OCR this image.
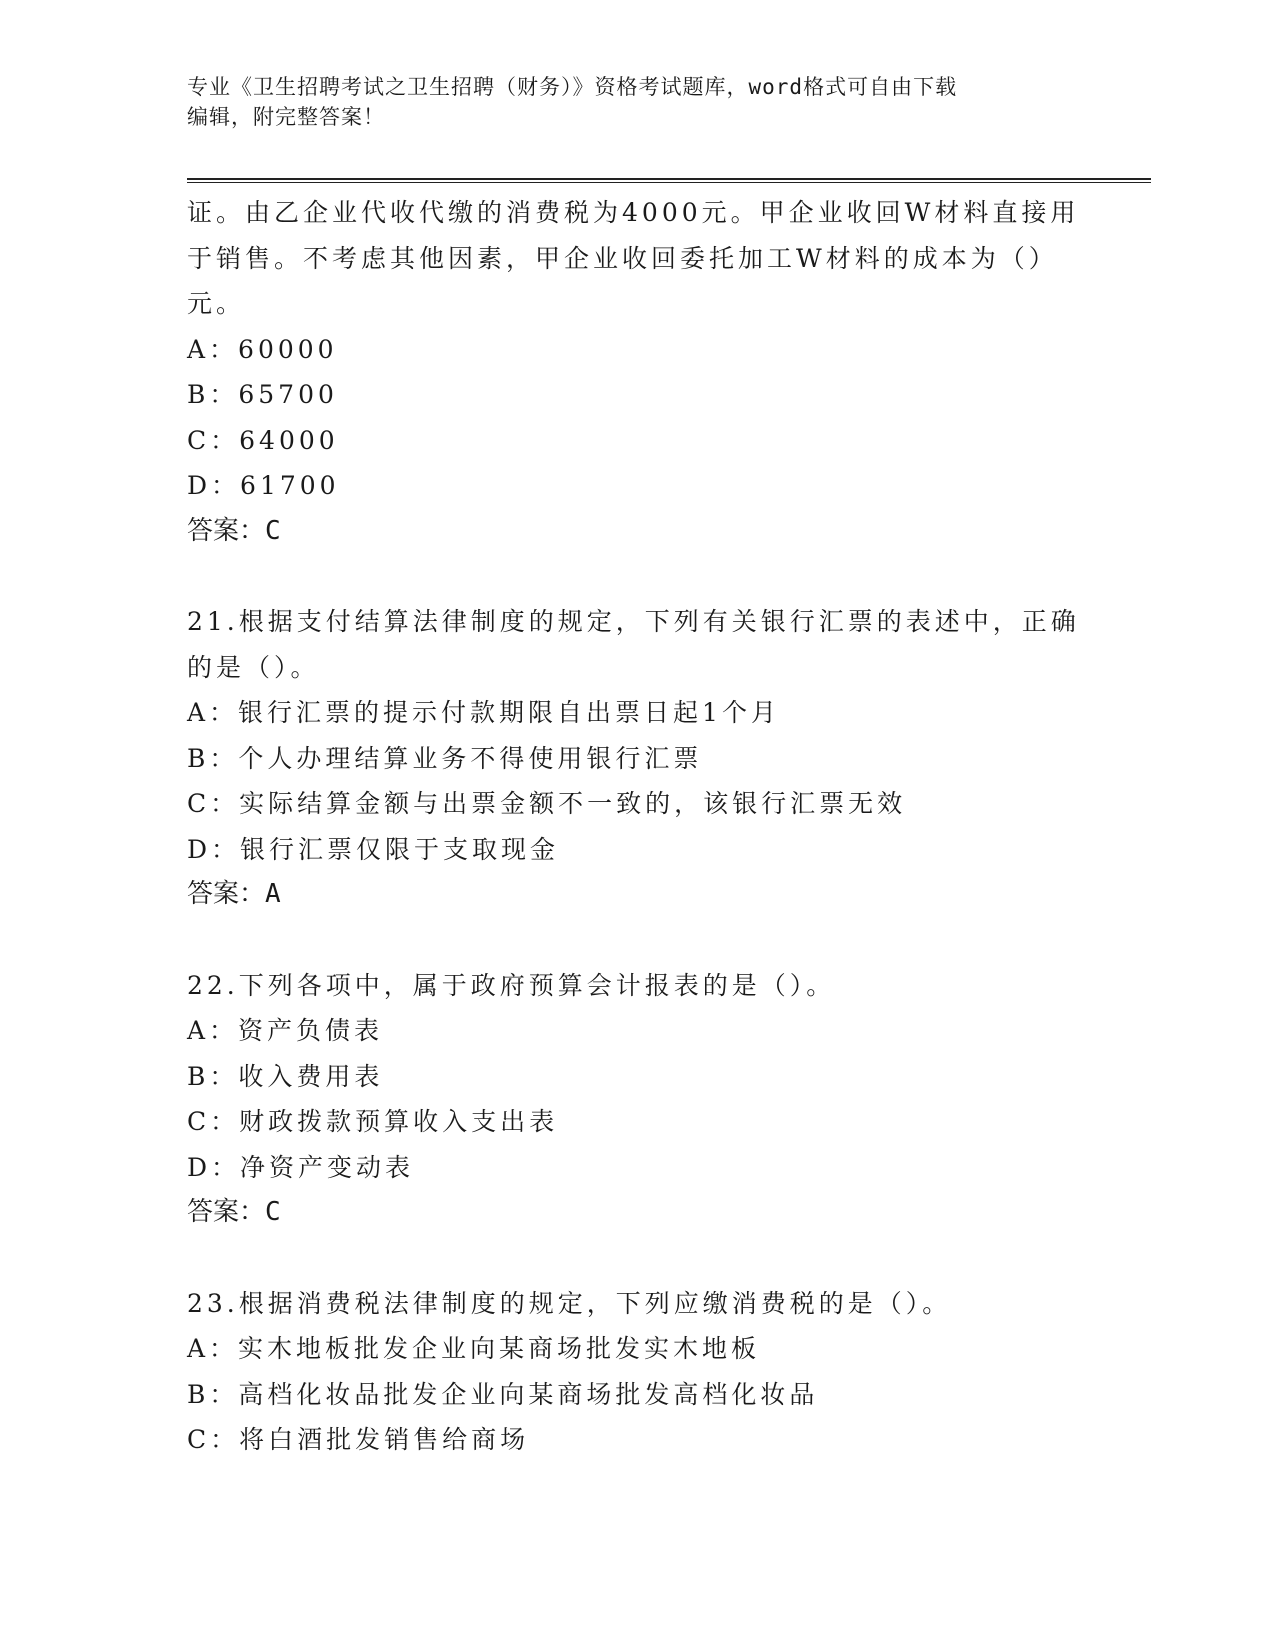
专业《卫生招聘考试之卫生招聘（财务）》资格考试题库，word格式可自由下载
编辑，附完整答案！
证。由乙企业代收代缴的消费税为4000元。甲企业收回W材料直接用
于销售。不考虑其他因素，甲企业收回委托加工W材料的成本为（）
元。
A：60000
B：65700
C：64000
D：61700
答案：C
21.根据支付结算法律制度的规定，下列有关银行汇票的表述中，正确
的是（）。
A：银行汇票的提示付款期限自出票日起1个月
B：个人办理结算业务不得使用银行汇票
C：实际结算金额与出票金额不一致的，该银行汇票无效
D：银行汇票仅限于支取现金
答案：A
22.下列各项中，属于政府预算会计报表的是（）。
A：资产负债表
B：收入费用表
C：财政拨款预算收入支出表
D：净资产变动表
答案：C
23.根据消费税法律制度的规定，下列应缴消费税的是（）。
A：实木地板批发企业向某商场批发实木地板
B：高档化妆品批发企业向某商场批发高档化妆品
C：将白酒批发销售给商场
